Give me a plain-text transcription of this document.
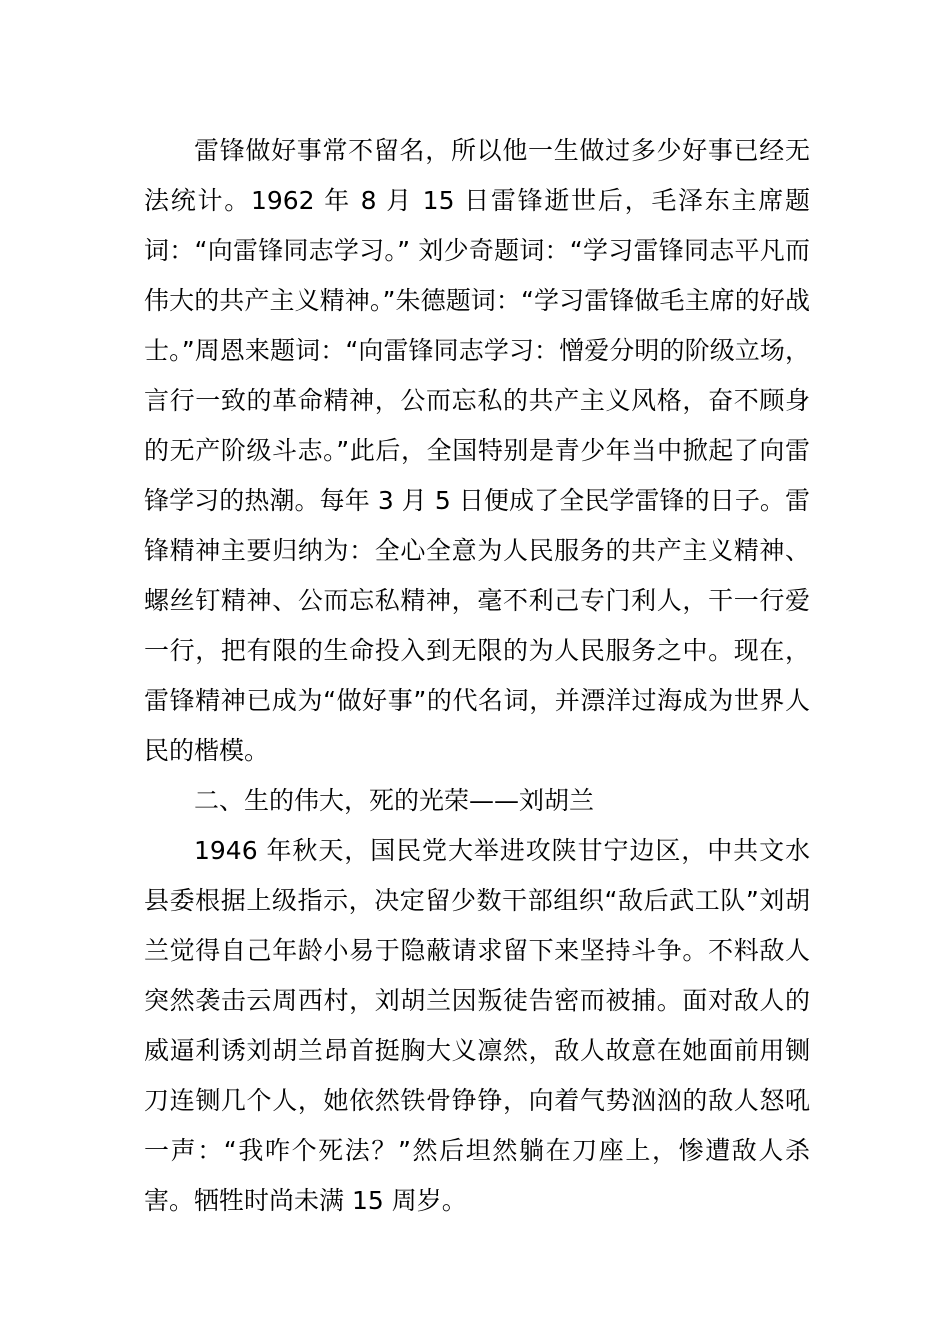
雷锋做好事常不留名，所以他一生做过多少好事已经无法统计。1962 年 8 月 15 日雷锋逝世后，毛泽东主席题词：“向雷锋同志学习。” 刘少奇题词：“学习雷锋同志平凡而伟大的共产主义精神。”朱德题词：“学习雷锋做毛主席的好战士。”周恩来题词：“向雷锋同志学习：憎爱分明的阶级立场，言行一致的革命精神，公而忘私的共产主义风格，奋不顾身的无产阶级斗志。”此后，全国特别是青少年当中掀起了向雷锋学习的热潮。每年 3 月 5 日便成了全民学雷锋的日子。雷锋精神主要归纳为：全心全意为人民服务的共产主义精神、螺丝钉精神、公而忘私精神，毫不利己专门利人，干一行爱一行，把有限的生命投入到无限的为人民服务之中。现在，雷锋精神已成为“做好事”的代名词，并漂洋过海成为世界人民的楷模。

二、生的伟大，死的光荣——刘胡兰

1946 年秋天，国民党大举进攻陕甘宁边区，中共文水县委根据上级指示，决定留少数干部组织“敌后武工队”刘胡兰觉得自己年龄小易于隐蔽请求留下来坚持斗争。不料敌人突然袭击云周西村，刘胡兰因叛徒告密而被捕。面对敌人的威逼利诱刘胡兰昂首挺胸大义凛然，敌人故意在她面前用铡刀连铡几个人，她依然铁骨铮铮，向着气势汹汹的敌人怒吼一声：“我咋个死法？”然后坦然躺在刀座上，惨遭敌人杀害。牺牲时尚未满 15 周岁。
